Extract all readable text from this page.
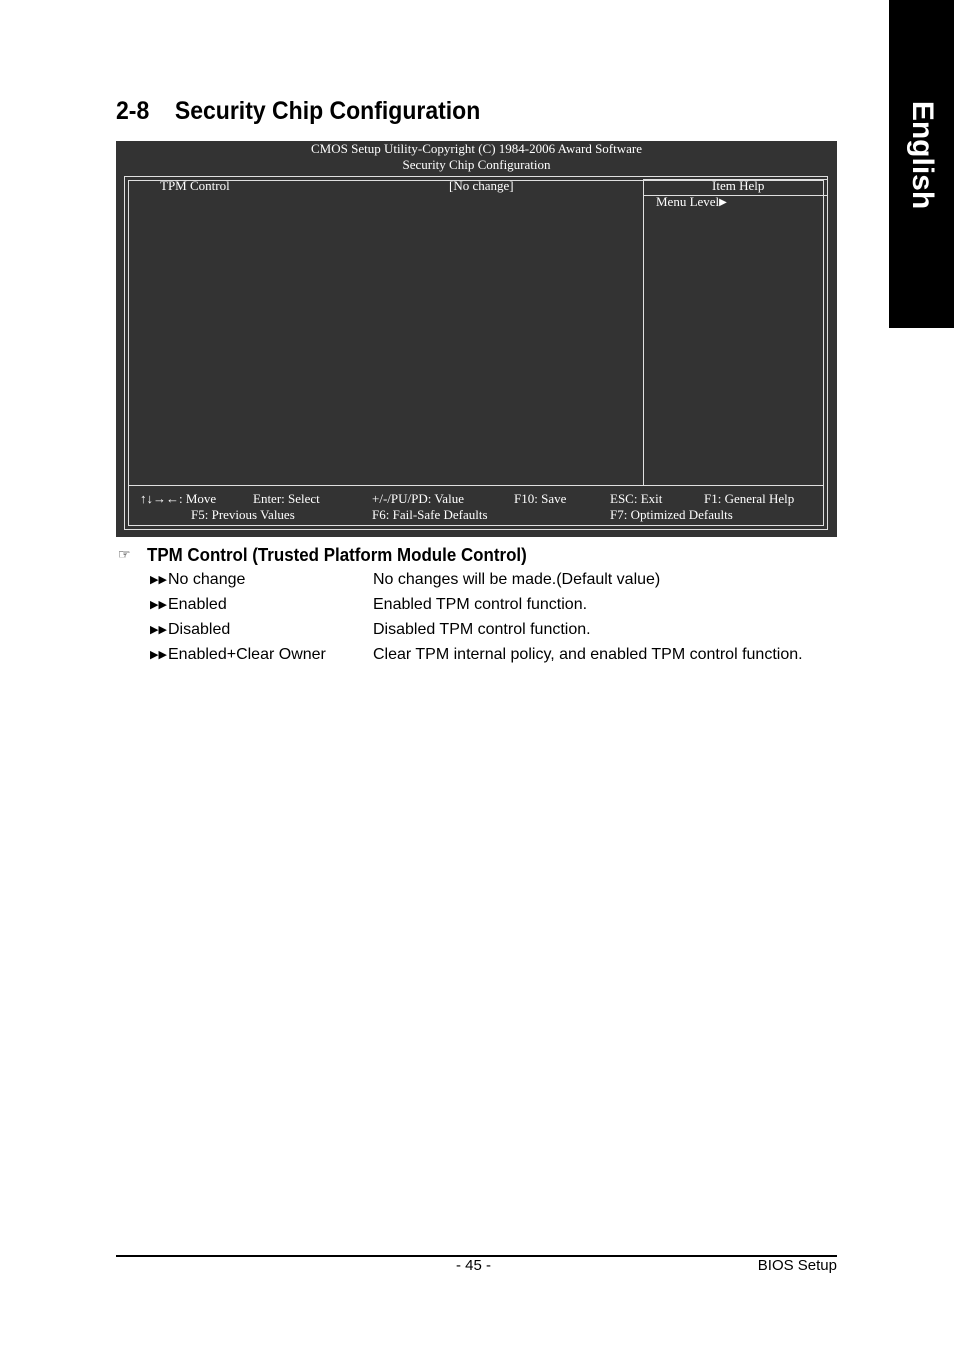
English
2-8 Security Chip Configuration
CMOS Setup Utility-Copyright (C) 1984-2006 Award Software
Security Chip Configuration
TPM Control	[No change]	Item Help
Menu Level▶
↑↓→←: Move	Enter: Select	+/-/PU/PD: Value	F10: Save	ESC: Exit	F1: General Help
F5: Previous Values	F6: Fail-Safe Defaults	F7: Optimized Defaults
☞ TPM Control (Trusted Platform Module Control)
▶▶No change	No changes will be made.(Default value)
▶▶Enabled	Enabled TPM control function.
▶▶Disabled	Disabled TPM control function.
▶▶Enabled+Clear Owner	Clear TPM internal policy, and enabled TPM control function.
- 45 -	BIOS Setup
